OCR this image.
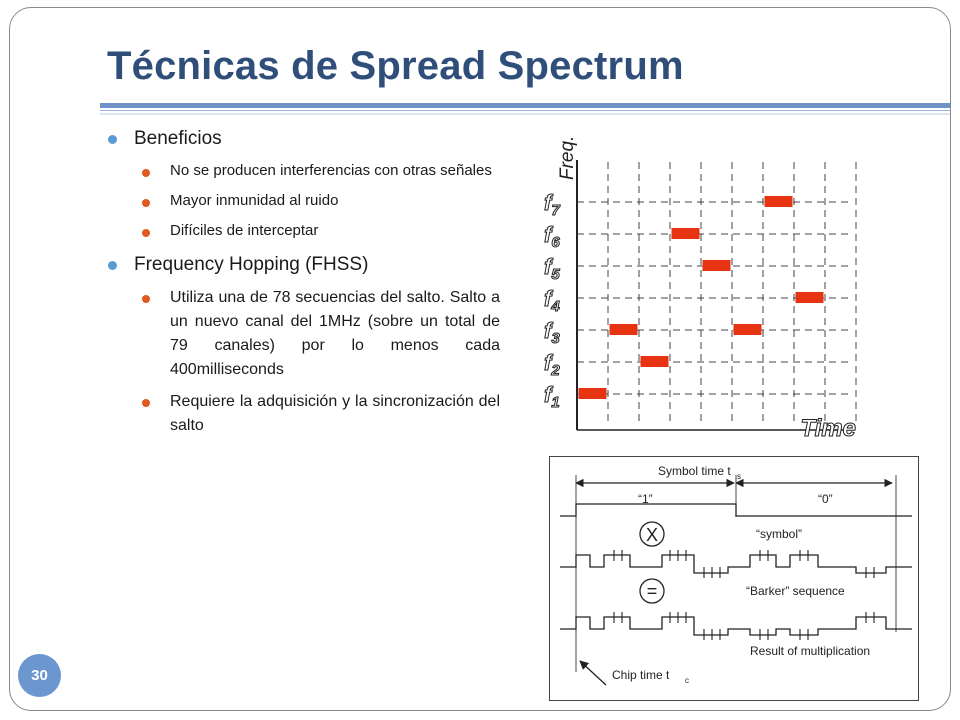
Técnicas de Spread Spectrum
Beneficios
No se producen interferencias con otras señales
Mayor inmunidad al ruido
Difíciles de interceptar
Frequency Hopping (FHSS)
Utiliza una de 78 secuencias del salto. Salto a un nuevo canal del 1MHz (sobre un total de 79 canales) por lo menos cada 400milliseconds
Requiere la adquisición y la sincronización del salto
$f_1$
$f_2$
$f_3$
$f_4$
$f_5$
$f_6$
$f_7$
Freq.
Time
Symbol time t s
“1”	“0”
“symbol”
X
=	“Barker” sequence
Result of multiplication
Chip time t c
30
